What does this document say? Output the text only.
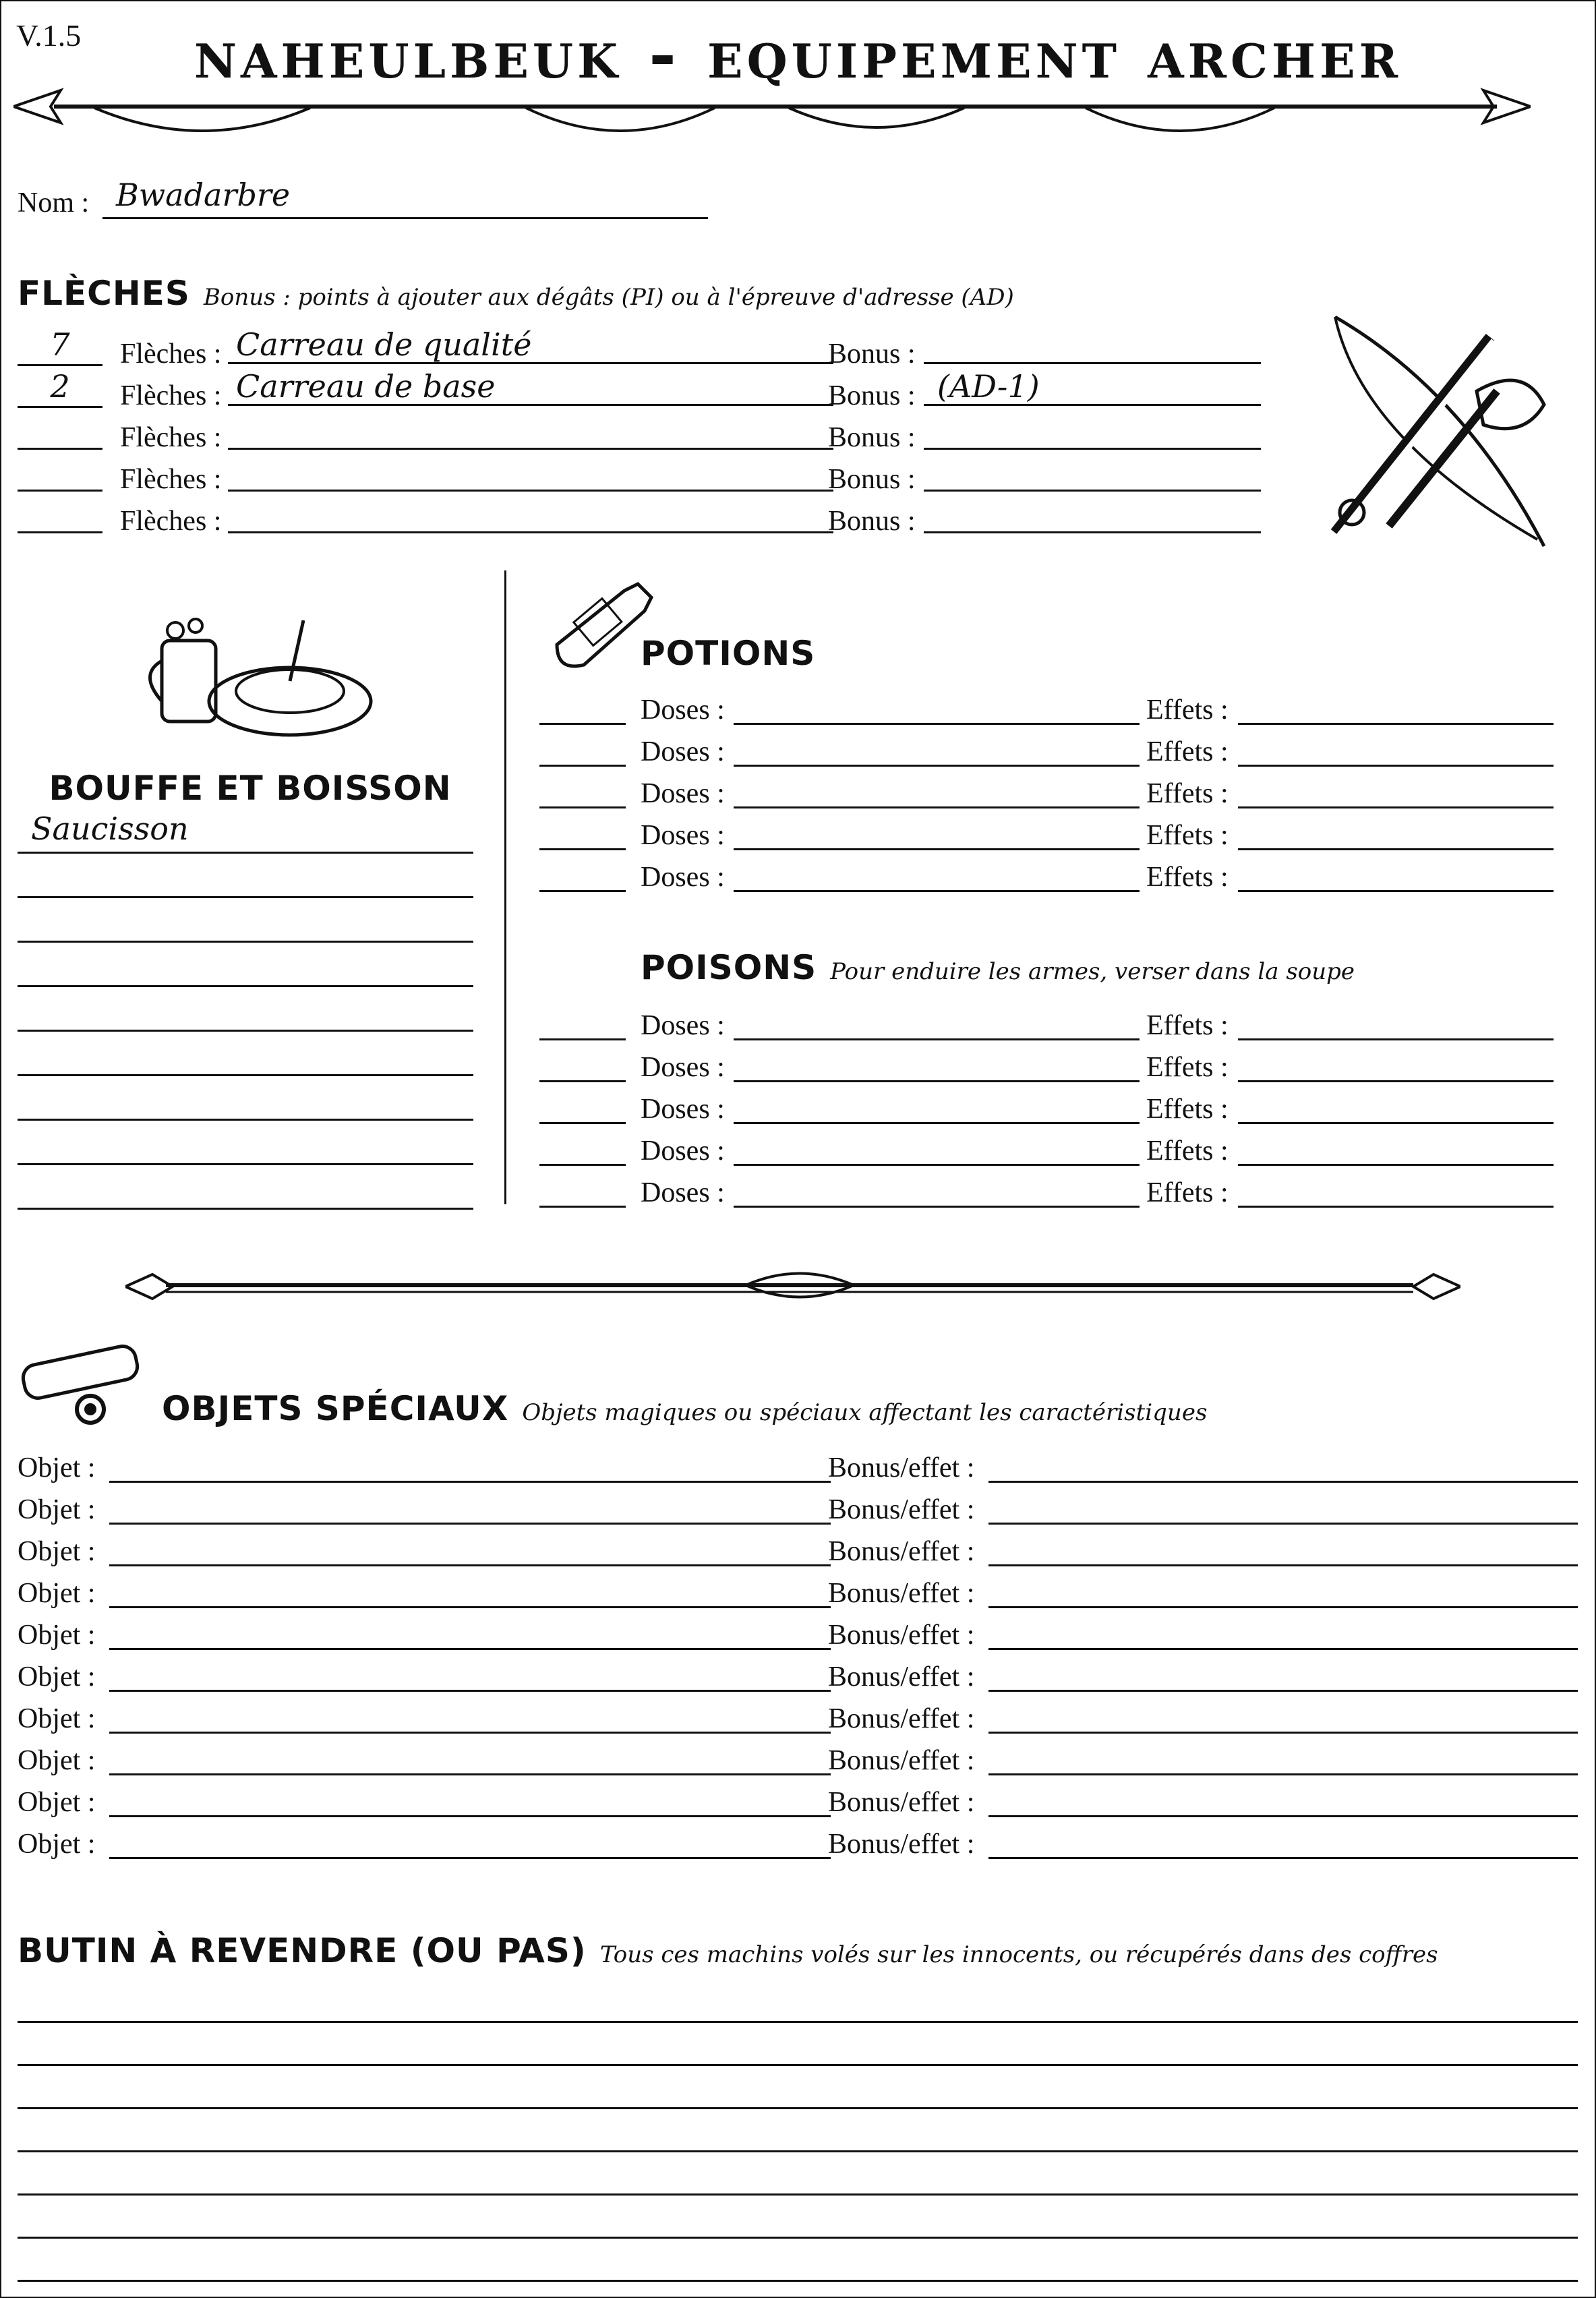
V.1.5	naheulbeuk - equipement archer
Nom : Bwadarbre
FLÈCHES Bonus : points à ajouter aux dégâts (PI) ou à l'épreuve d'adresse (AD)
7	Flèches : Carreau de qualité	Bonus :
2	Flèches : Carreau de base	Bonus : (AD-1)
Flèches :	Bonus :
Flèches :	Bonus :
Flèches :	Bonus :
BOUFFE ET BOISSON
Saucisson
POTIONS
Doses :	Effets :
Doses :	Effets :
Doses :	Effets :
Doses :	Effets :
Doses :	Effets :
POISONS Pour enduire les armes, verser dans la soupe
Doses :	Effets :
Doses :	Effets :
Doses :	Effets :
Doses :	Effets :
Doses :	Effets :
OBJETS SPÉCIAUX Objets magiques ou spéciaux affectant les caractéristiques
Objet :	Bonus/effet :
Objet :	Bonus/effet :
Objet :	Bonus/effet :
Objet :	Bonus/effet :
Objet :	Bonus/effet :
Objet :	Bonus/effet :
Objet :	Bonus/effet :
Objet :	Bonus/effet :
Objet :	Bonus/effet :
Objet :	Bonus/effet :
BUTIN À REVENDRE (OU PAS) Tous ces machins volés sur les innocents, ou récupérés dans des coffres
